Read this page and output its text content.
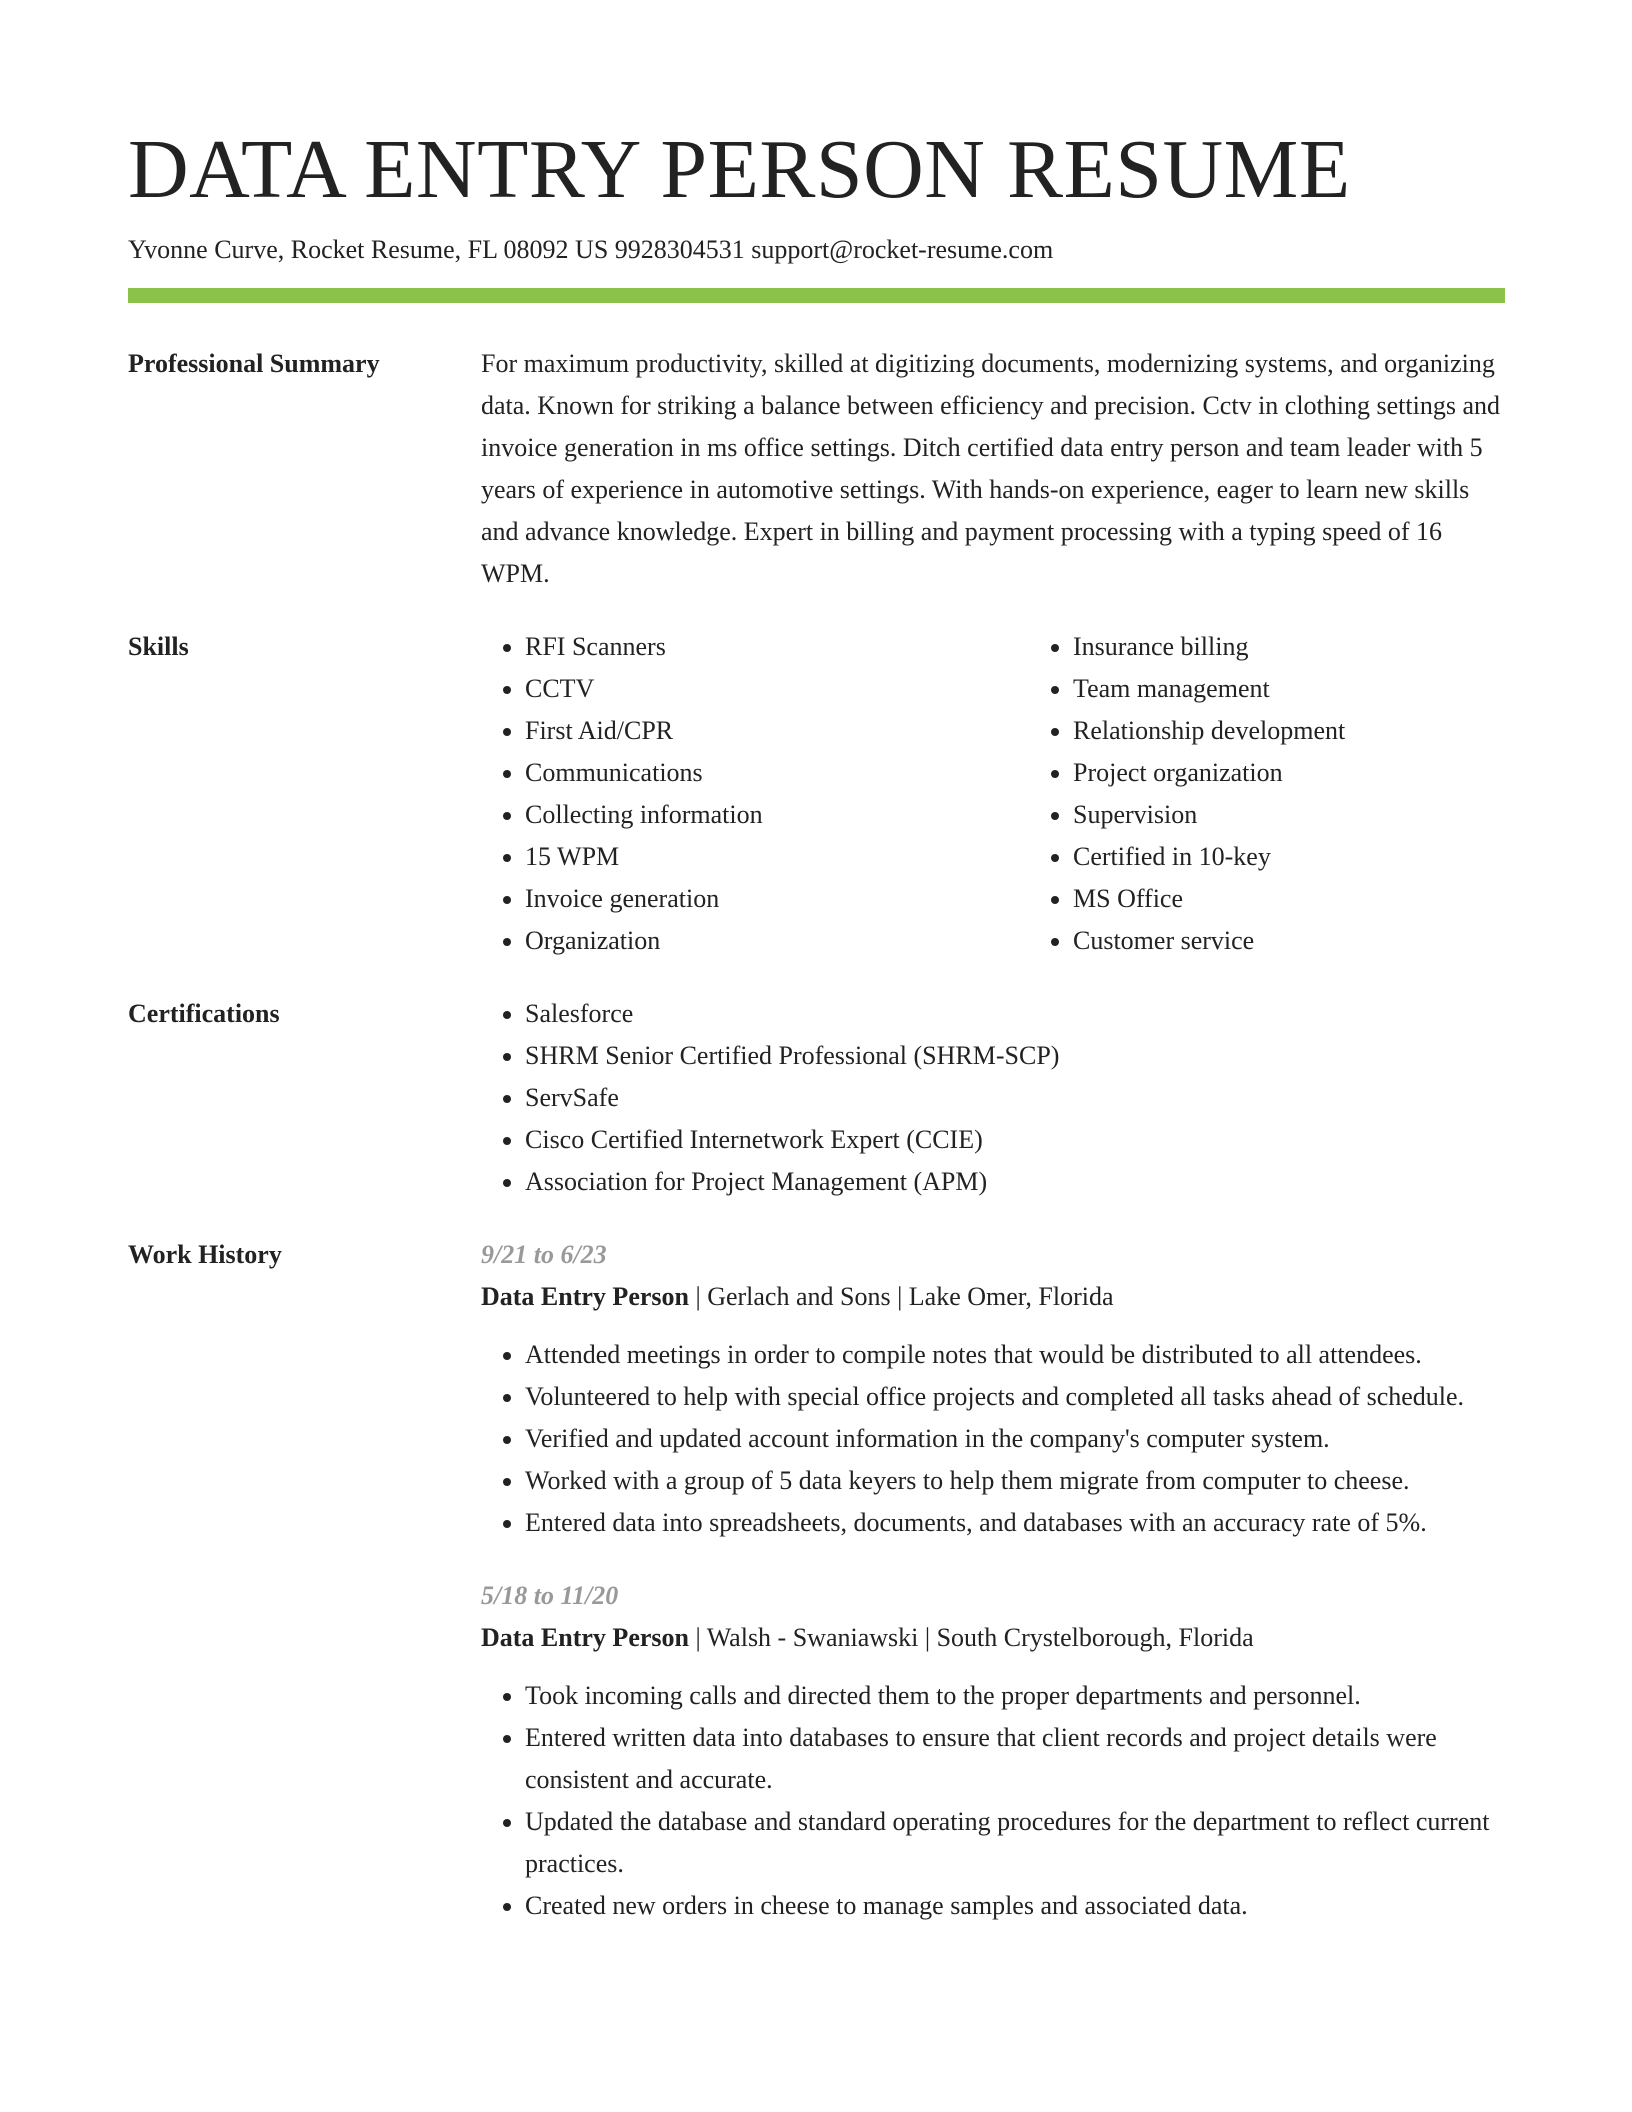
DATA ENTRY PERSON RESUME
Yvonne Curve, Rocket Resume, FL 08092 US 9928304531 support@rocket-resume.com
Professional Summary	For maximum productivity, skilled at digitizing documents, modernizing systems, and organizing data. Known for striking a balance between efficiency and precision. Cctv in clothing settings and invoice generation in ms office settings. Ditch certified data entry person and team leader with 5 years of experience in automotive settings. With hands-on experience, eager to learn new skills and advance knowledge. Expert in billing and payment processing with a typing speed of 16 WPM.

Skills	• RFI Scanners
• CCTV
• First Aid/CPR
• Communications
• Collecting information
• 15 WPM
• Invoice generation
• Organization
• Insurance billing
• Team management
• Relationship development
• Project organization
• Supervision
• Certified in 10-key
• MS Office
• Customer service
Certifications	• Salesforce
• SHRM Senior Certified Professional (SHRM-SCP)
• ServSafe
• Cisco Certified Internetwork Expert (CCIE)
• Association for Project Management (APM)
Work History	9/21 to 6/23
Data Entry Person | Gerlach and Sons | Lake Omer, Florida
• Attended meetings in order to compile notes that would be distributed to all attendees.
• Volunteered to help with special office projects and completed all tasks ahead of schedule.
• Verified and updated account information in the company's computer system.
• Worked with a group of 5 data keyers to help them migrate from computer to cheese.
• Entered data into spreadsheets, documents, and databases with an accuracy rate of 5%.
5/18 to 11/20
Data Entry Person | Walsh - Swaniawski | South Crystelborough, Florida
• Took incoming calls and directed them to the proper departments and personnel.
• Entered written data into databases to ensure that client records and project details were consistent and accurate.
• Updated the database and standard operating procedures for the department to reflect current practices.
• Created new orders in cheese to manage samples and associated data.
